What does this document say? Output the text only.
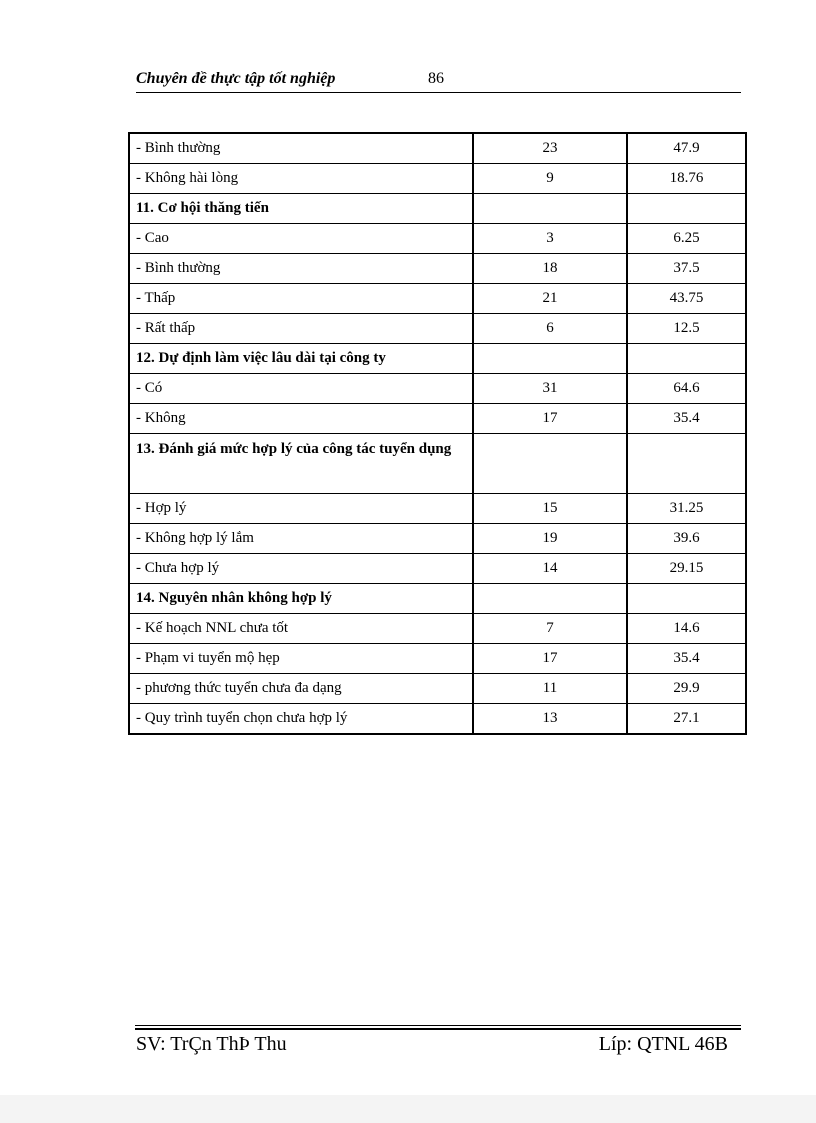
Chuyên đề thực tập tốt nghiệp	86
- Bình thường	23	47.9
- Không hài lòng	9	18.76
11. Cơ hội thăng tiến		
- Cao	3	6.25
- Bình thường	18	37.5
- Thấp	21	43.75
- Rất thấp	6	12.5
12. Dự định làm việc lâu dài tại công ty		
- Có	31	64.6
- Không	17	35.4
13. Đánh giá mức hợp lý của công tác tuyển dụng		
- Hợp lý	15	31.25
- Không hợp lý lắm	19	39.6
- Chưa hợp lý	14	29.15
14. Nguyên nhân không hợp lý		
- Kế hoạch NNL chưa tốt	7	14.6
- Phạm vi tuyển mộ hẹp	17	35.4
- phương thức tuyển chưa đa dạng	11	29.9
- Quy trình tuyển chọn chưa hợp lý	13	27.1
SV: TrÇn ThÞ Thu	Líp: QTNL 46B
